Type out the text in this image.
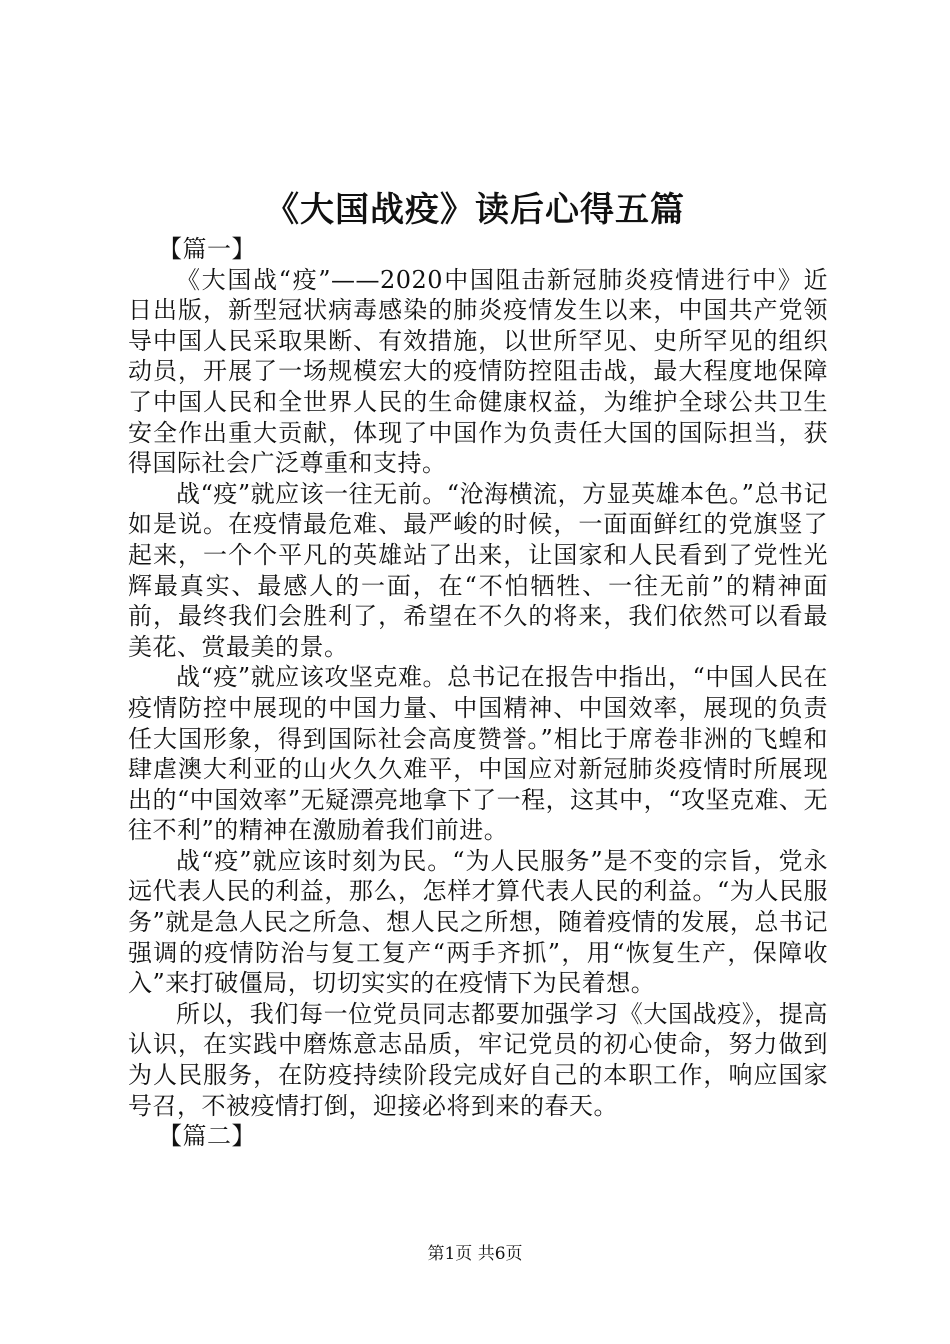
《大国战疫》读后心得五篇

【篇一】

《大国战“疫”——2020中国阻击新冠肺炎疫情进行中》近日出版，新型冠状病毒感染的肺炎疫情发生以来，中国共产党领导中国人民采取果断、有效措施，以世所罕见、史所罕见的组织动员，开展了一场规模宏大的疫情防控阻击战，最大程度地保障了中国人民和全世界人民的生命健康权益，为维护全球公共卫生安全作出重大贡献，体现了中国作为负责任大国的国际担当，获得国际社会广泛尊重和支持。

战“疫”就应该一往无前。“沧海横流，方显英雄本色。”总书记如是说。在疫情最危难、最严峻的时候，一面面鲜红的党旗竖了起来，一个个平凡的英雄站了出来，让国家和人民看到了党性光辉最真实、最感人的一面，在“不怕牺牲、一往无前”的精神面前，最终我们会胜利了，希望在不久的将来，我们依然可以看最美花、赏最美的景。

战“疫”就应该攻坚克难。总书记在报告中指出，“中国人民在疫情防控中展现的中国力量、中国精神、中国效率，展现的负责任大国形象，得到国际社会高度赞誉。”相比于席卷非洲的飞蝗和肆虐澳大利亚的山火久久难平，中国应对新冠肺炎疫情时所展现出的“中国效率”无疑漂亮地拿下了一程，这其中，“攻坚克难、无往不利”的精神在激励着我们前进。

战“疫”就应该时刻为民。“为人民服务”是不变的宗旨，党永远代表人民的利益，那么，怎样才算代表人民的利益。“为人民服务”就是急人民之所急、想人民之所想，随着疫情的发展，总书记强调的疫情防治与复工复产“两手齐抓”，用“恢复生产，保障收入”来打破僵局，切切实实的在疫情下为民着想。

所以，我们每一位党员同志都要加强学习《大国战疫》，提高认识，在实践中磨炼意志品质，牢记党员的初心使命，努力做到为人民服务，在防疫持续阶段完成好自己的本职工作，响应国家号召，不被疫情打倒，迎接必将到来的春天。

【篇二】

第1页 共6页
